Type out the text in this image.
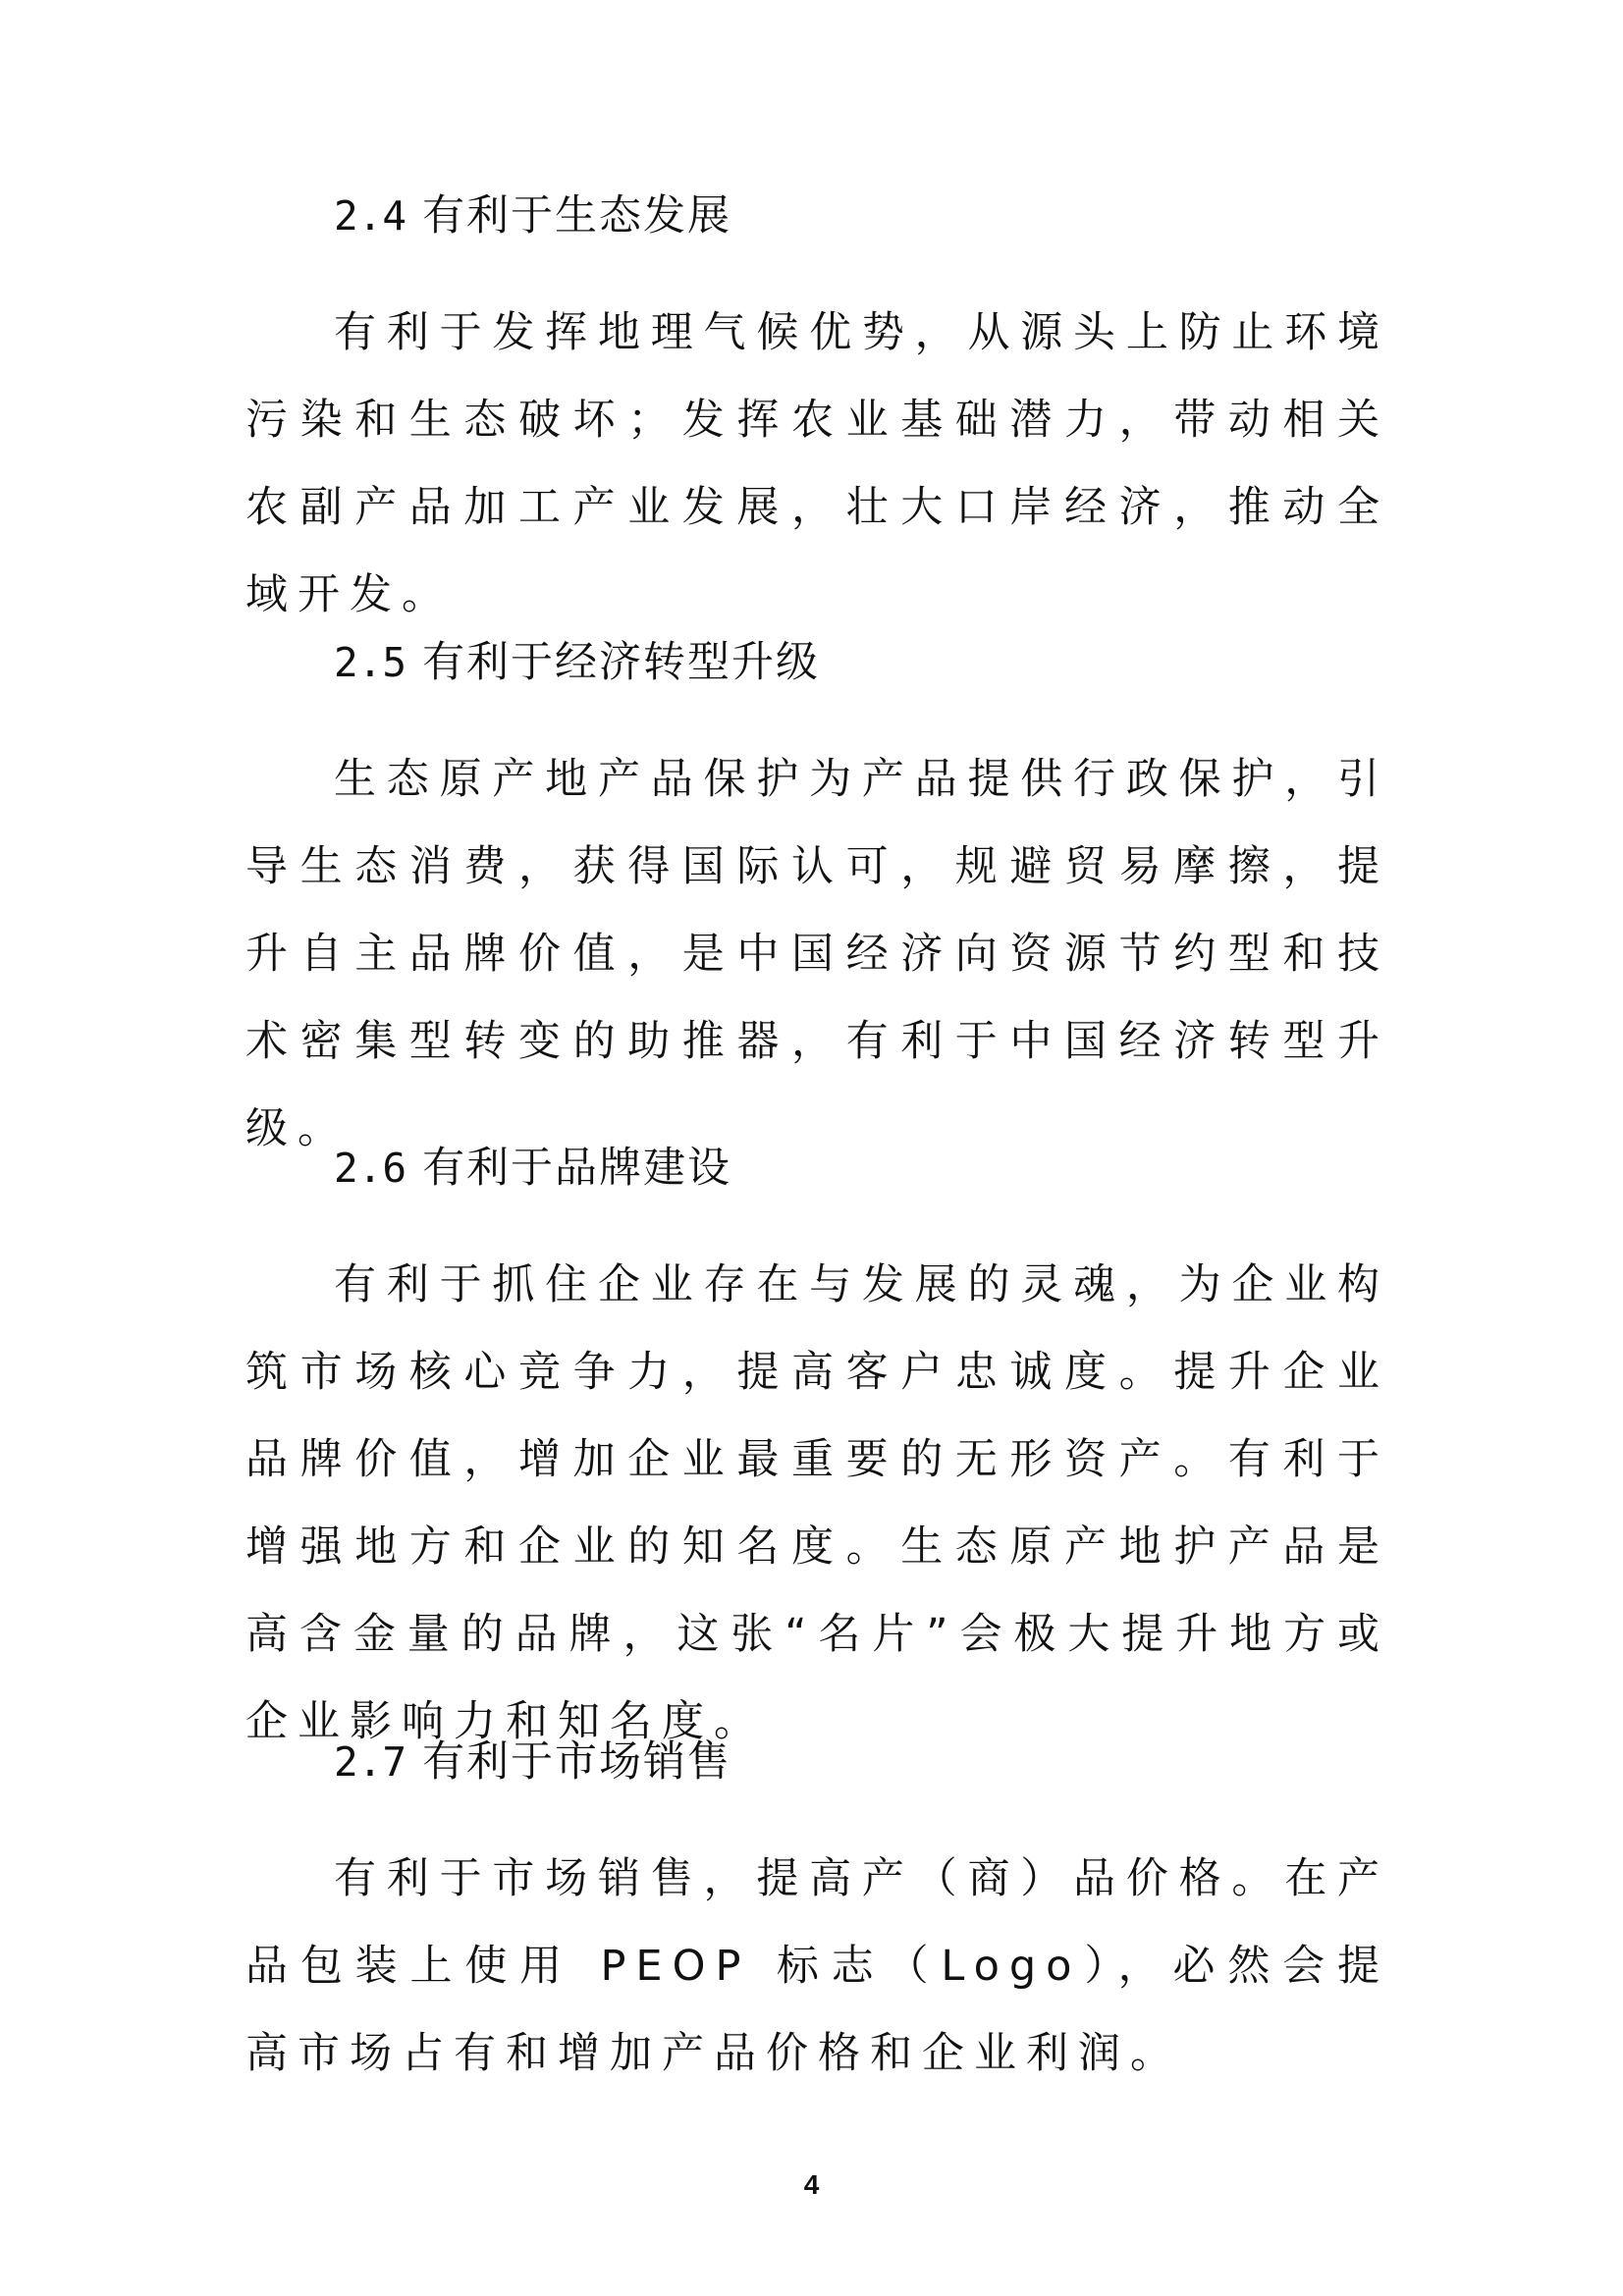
2.4 有利于生态发展

有利于发挥地理气候优势，从源头上防止环境污染和生态破坏；发挥农业基础潜力，带动相关农副产品加工产业发展，壮大口岸经济，推动全域开发。

2.5 有利于经济转型升级

生态原产地产品保护为产品提供行政保护，引导生态消费，获得国际认可，规避贸易摩擦，提升自主品牌价值，是中国经济向资源节约型和技术密集型转变的助推器，有利于中国经济转型升级。

2.6 有利于品牌建设

有利于抓住企业存在与发展的灵魂，为企业构筑市场核心竞争力，提高客户忠诚度。提升企业品牌价值，增加企业最重要的无形资产。有利于增强地方和企业的知名度。生态原产地护产品是高含金量的品牌，这张“名片”会极大提升地方或企业影响力和知名度。

2.7 有利于市场销售

有利于市场销售，提高产（商）品价格。在产品包装上使用 PEOP 标志（Logo），必然会提高市场占有和增加产品价格和企业利润。

4
